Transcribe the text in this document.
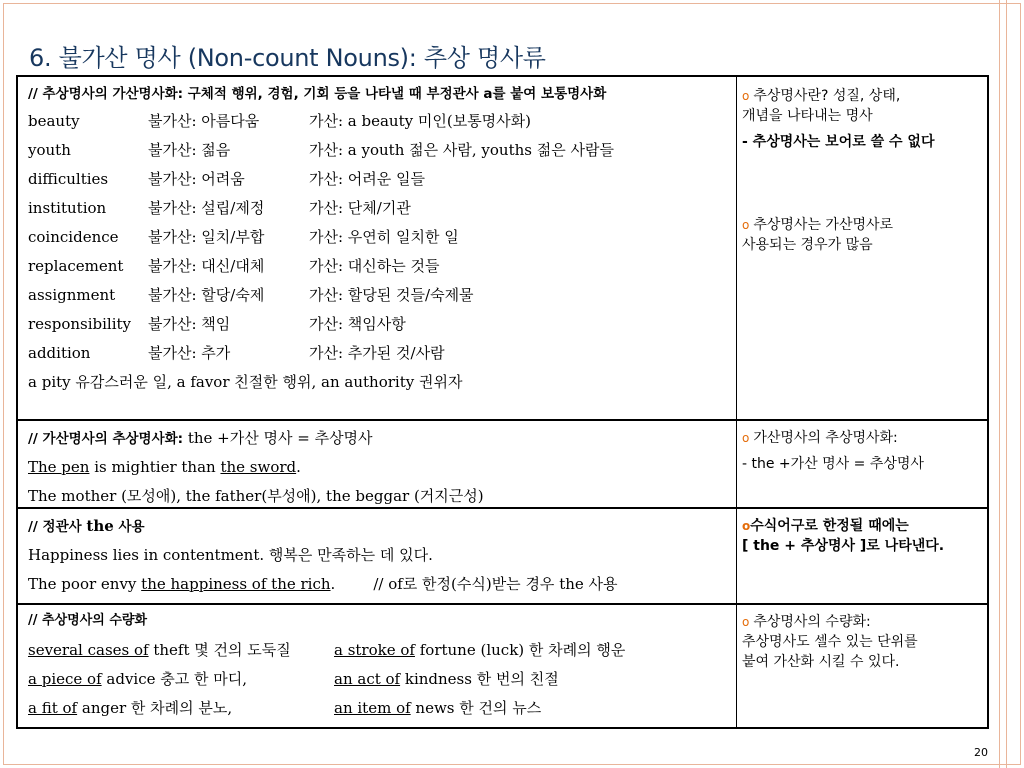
6. 불가산 명사 (Non-count Nouns): 추상 명사류
// 추상명사의 가산명사화: 구체적 행위, 경험, 기회 등을 나타낼 때 부정관사 a를 붙여 보통명사화
beauty	불가산: 아름다움	가산: a beauty 미인(보통명사화)
youth	불가산: 젊음	가산: a youth 젊은 사람, youths 젊은 사람들
difficulties	불가산: 어려움	가산: 어려운 일들
institution	불가산: 설립/제정	가산: 단체/기관
coincidence 불가산: 일치/부합	가산: 우연히 일치한 일
replacement 불가산: 대신/대체	가산: 대신하는 것들
assignment 불가산: 할당/숙제	가산: 할당된 것들/숙제물
responsibility 불가산: 책임	가산: 책임사항
addition	불가산: 추가	가산: 추가된 것/사람
a pity 유감스러운 일, a favor 친절한 행위, an authority 권위자
o 추상명사란? 성질, 상태,
개념을 나타내는 명사
- 추상명사는 보어로 쓸 수 없다
o 추상명사는 가산명사로
사용되는 경우가 많음
// 가산명사의 추상명사화: the +가산 명사 = 추상명사
The pen is mightier than the sword.
The mother (모성애), the father(부성애), the beggar (거지근성)
o 가산명사의 추상명사화:
- the +가산 명사 = 추상명사
// 정관사 the 사용
Happiness lies in contentment. 행복은 만족하는 데 있다.
The poor envy the happiness of the rich.	// of로 한정(수식)받는 경우 the 사용
o수식어구로 한정될 때에는
[ the + 추상명사 ]로 나타낸다.
// 추상명사의 수량화
several cases of theft 몇 건의 도둑질	a stroke of fortune (luck) 한 차례의 행운
a piece of advice 충고 한 마디,	an act of kindness 한 번의 친절
a fit of anger 한 차례의 분노,	an item of news 한 건의 뉴스
o 추상명사의 수량화:
추상명사도 셀수 있는 단위를
붙여 가산화 시킬 수 있다.
20
